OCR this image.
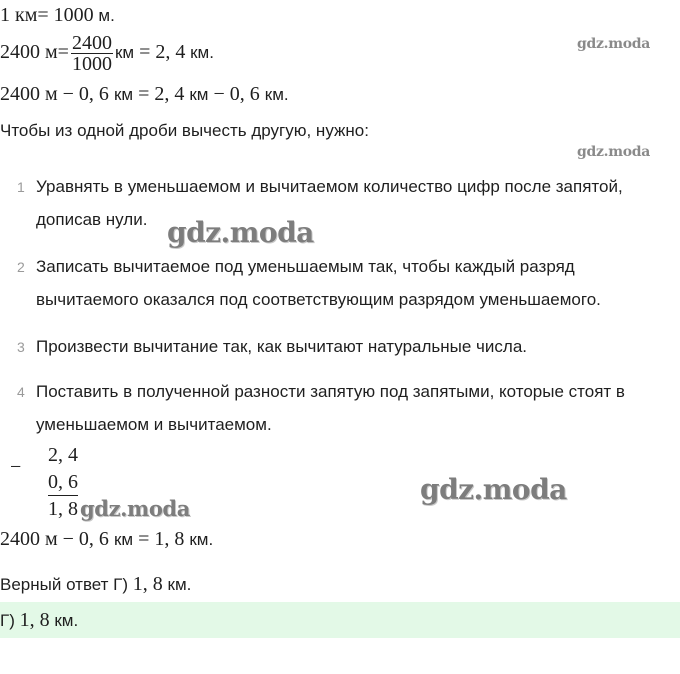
1 км= 1000 м.
2400 $м= \frac{2400}{1000}$ км = 2, 4 км.
2400 м − 0, 6 км = 2, 4 км − 0, 6 км.
Чтобы из одной дроби вычесть другую, нужно:
gdz.moda
gdz.moda
1 Уравнять в уменьшаемом и вычитаемом количество цифр после запятой, дописав нули.
2 Записать вычитаемое под уменьшаемым так, чтобы каждый разряд вычитаемого оказался под соответствующим разрядом уменьшаемого.
3 Произвести вычитание так, как вычитают натуральные числа.
4 Поставить в полученной разности запятую под запятыми, которые стоят в уменьшаемом и вычитаемом.
gdz.moda
gdz.moda
−
2, 4
0, 6
1, 8 gdz.moda
2400 м − 0, 6 км = 1, 8 км.
Верный ответ Г) 1, 8 км.
Г) 1, 8 км.
